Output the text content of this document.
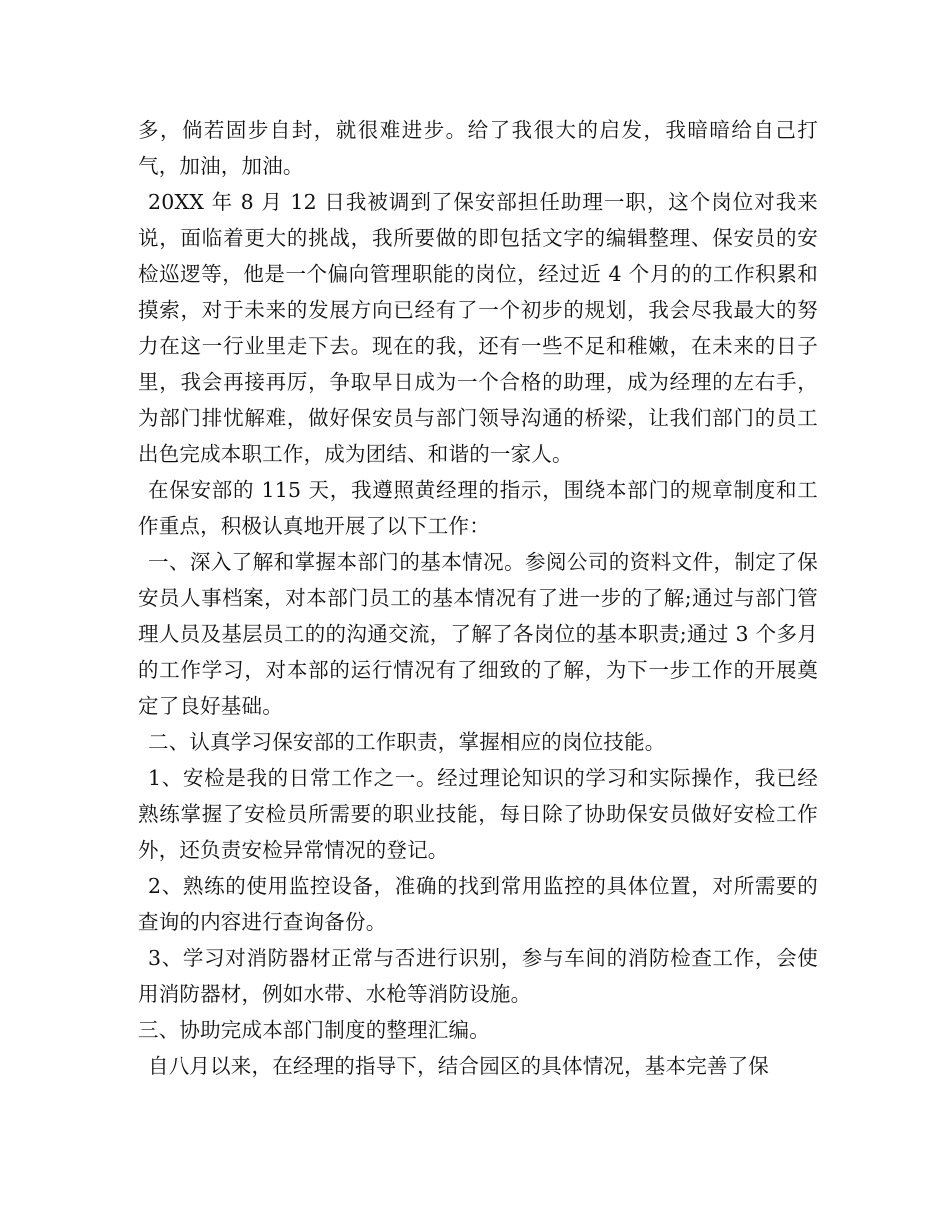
多，倘若固步自封，就很难进步。给了我很大的启发，我暗暗给自己打气，加油，加油。

20XX 年 8 月 12 日我被调到了保安部担任助理一职，这个岗位对我来说，面临着更大的挑战，我所要做的即包括文字的编辑整理、保安员的安检巡逻等，他是一个偏向管理职能的岗位，经过近 4 个月的的工作积累和摸索，对于未来的发展方向已经有了一个初步的规划，我会尽我最大的努力在这一行业里走下去。现在的我，还有一些不足和稚嫩，在未来的日子里，我会再接再厉，争取早日成为一个合格的助理，成为经理的左右手，为部门排忧解难，做好保安员与部门领导沟通的桥梁，让我们部门的员工出色完成本职工作，成为团结、和谐的一家人。

在保安部的 115 天，我遵照黄经理的指示，围绕本部门的规章制度和工作重点，积极认真地开展了以下工作：

一、深入了解和掌握本部门的基本情况。参阅公司的资料文件，制定了保安员人事档案，对本部门员工的基本情况有了进一步的了解;通过与部门管理人员及基层员工的的沟通交流，了解了各岗位的基本职责;通过 3 个多月的工作学习，对本部的运行情况有了细致的了解，为下一步工作的开展奠定了良好基础。

二、认真学习保安部的工作职责，掌握相应的岗位技能。

1、安检是我的日常工作之一。经过理论知识的学习和实际操作，我已经熟练掌握了安检员所需要的职业技能，每日除了协助保安员做好安检工作外，还负责安检异常情况的登记。

2、熟练的使用监控设备，准确的找到常用监控的具体位置，对所需要的查询的内容进行查询备份。

3、学习对消防器材正常与否进行识别，参与车间的消防检查工作，会使用消防器材，例如水带、水枪等消防设施。

三、协助完成本部门制度的整理汇编。

自八月以来，在经理的指导下，结合园区的具体情况，基本完善了保
